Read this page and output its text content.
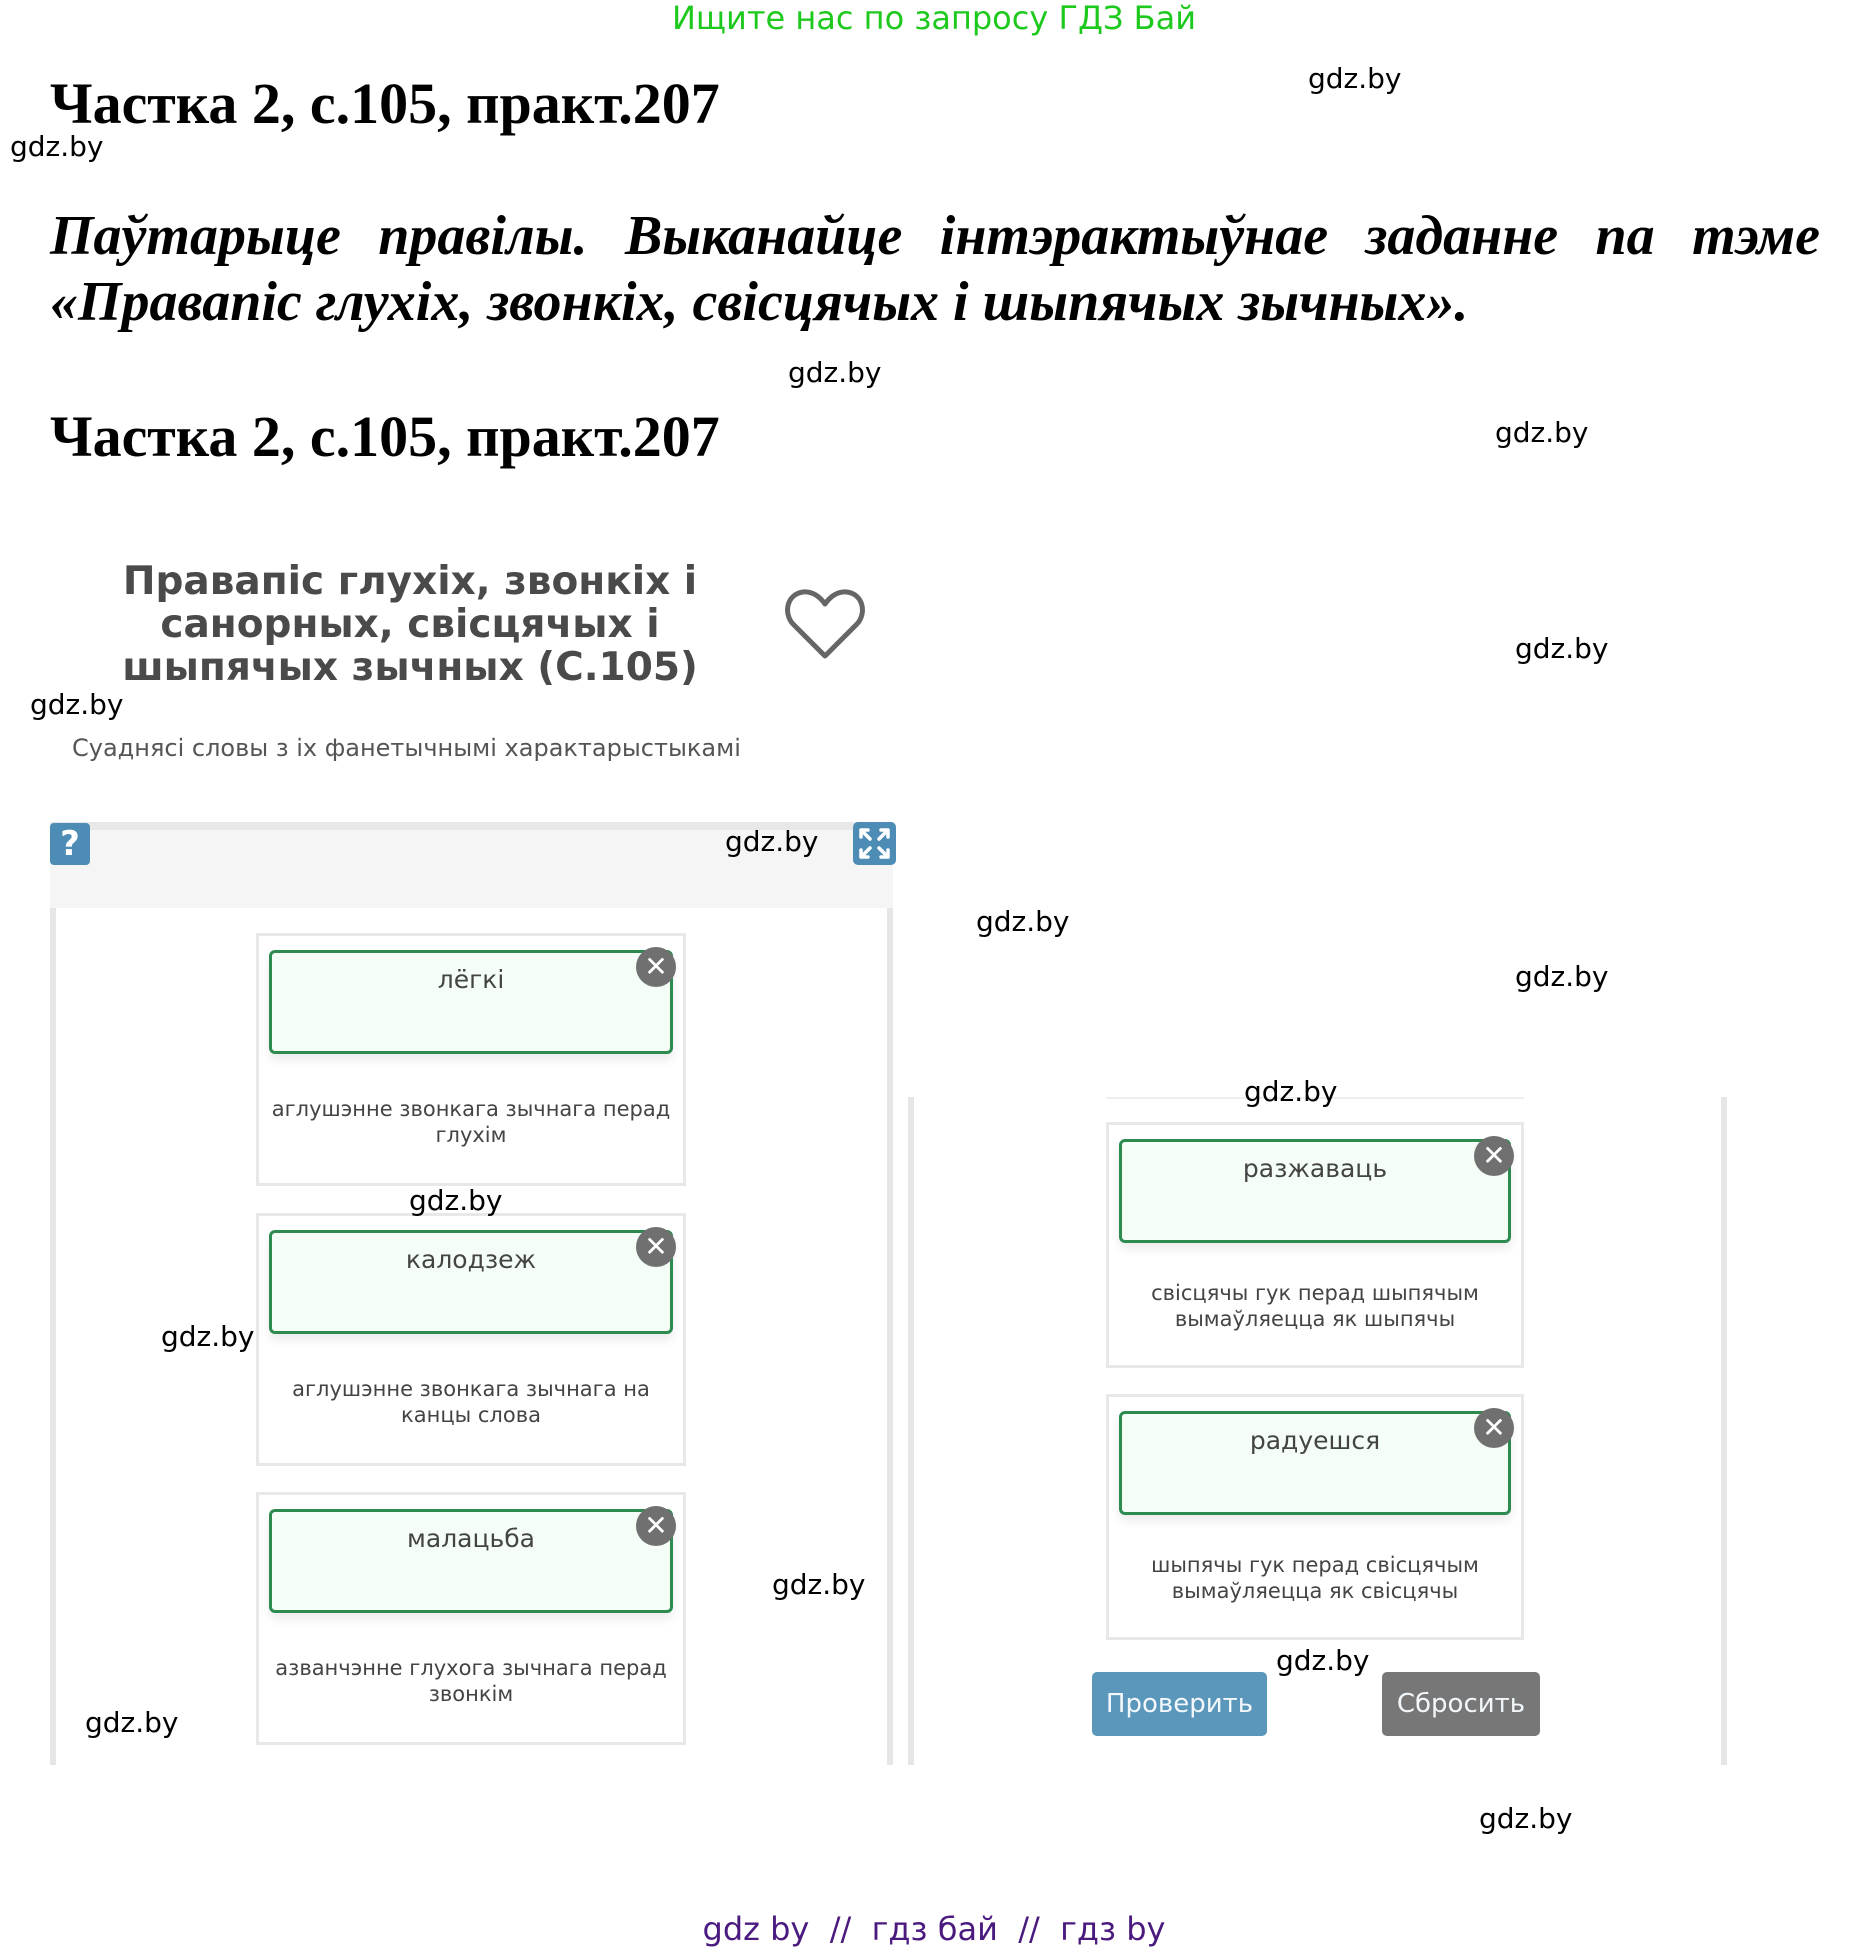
Ищите нас по запросу ГДЗ Бай
Частка 2, с.105, практ.207
Паўтарыце правілы. Выканайце інтэрактыўнае заданне па тэме
«Правапіс глухіх, звонкіх, свісцячых і шыпячых зычных».
Частка 2, с.105, практ.207
Правапіс глухіх, звонкіх і
санорных, свісцячых і
шыпячых зычных (С.105)
Суаднясі словы з іх фанетычнымі характарыстыкамі
?
лёгкі	✕
аглушэнне звонкага зычнага перад глухім
калодзеж	✕
аглушэнне звонкага зычнага на канцы слова
малацьба	✕
азванчэнне глухога зычнага перад звонкім
разжаваць	✕
свісцячы гук перад шыпячым вымаўляецца як шыпячы
радуешся	✕
шыпячы гук перад свісцячым вымаўляецца як свісцячы
Проверить	Сбросить
gdz.by
gdz.by
gdz.by
gdz.by
gdz.by
gdz.by
gdz.by
gdz.by
gdz.by
gdz.by
gdz.by
gdz.by
gdz.by
gdz.by
gdz.by
gdz.by
gdz by  //  гдз бай  //  гдз by
